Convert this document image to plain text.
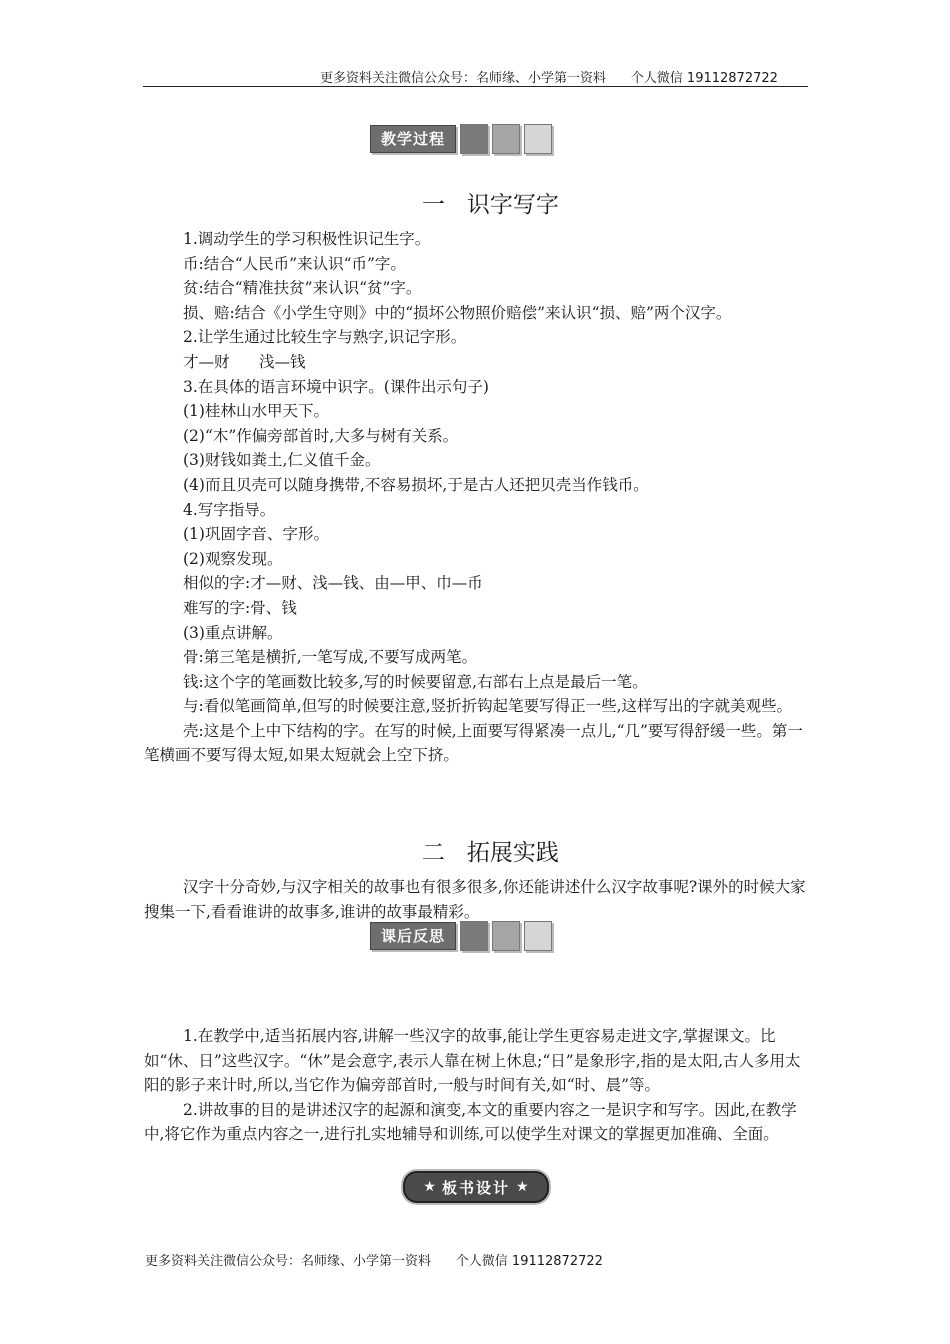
更多资料关注微信公众号：名师缘、小学第一资料      个人微信 19112872722
教学过程
一   识字写字

1.调动学生的学习积极性识记生字。

币:结合“人民币”来认识“币”字。

贫:结合“精准扶贫”来认识“贫”字。

损、赔:结合《小学生守则》中的“损坏公物照价赔偿”来认识“损、赔”两个汉字。

2.让学生通过比较生字与熟字,识记字形。

才—财      浅—钱

3.在具体的语言环境中识字。(课件出示句子)

(1)桂林山水甲天下。

(2)“木”作偏旁部首时,大多与树有关系。

(3)财钱如粪土,仁义值千金。

(4)而且贝壳可以随身携带,不容易损坏,于是古人还把贝壳当作钱币。

4.写字指导。

(1)巩固字音、字形。

(2)观察发现。

相似的字:才—财、浅—钱、由—甲、巾—币

难写的字:骨、钱

(3)重点讲解。

骨:第三笔是横折,一笔写成,不要写成两笔。

钱:这个字的笔画数比较多,写的时候要留意,右部右上点是最后一笔。

与:看似笔画简单,但写的时候要注意,竖折折钩起笔要写得正一些,这样写出的字就美观些。

壳:这是个上中下结构的字。在写的时候,上面要写得紧凑一点儿,“几”要写得舒缓一些。第一笔横画不要写得太短,如果太短就会上空下挤。

二   拓展实践

汉字十分奇妙,与汉字相关的故事也有很多很多,你还能讲述什么汉字故事呢?课外的时候大家搜集一下,看看谁讲的故事多,谁讲的故事最精彩。

课后反思

1.在教学中,适当拓展内容,讲解一些汉字的故事,能让学生更容易走进文字,掌握课文。比如“休、日”这些汉字。“休”是会意字,表示人靠在树上休息;“日”是象形字,指的是太阳,古人多用太阳的影子来计时,所以,当它作为偏旁部首时,一般与时间有关,如“时、晨”等。

2.讲故事的目的是讲述汉字的起源和演变,本文的重要内容之一是识字和写字。因此,在教学中,将它作为重点内容之一,进行扎实地辅导和训练,可以使学生对课文的掌握更加准确、全面。

★ 板书设计 ★
更多资料关注微信公众号：名师缘、小学第一资料      个人微信 19112872722
